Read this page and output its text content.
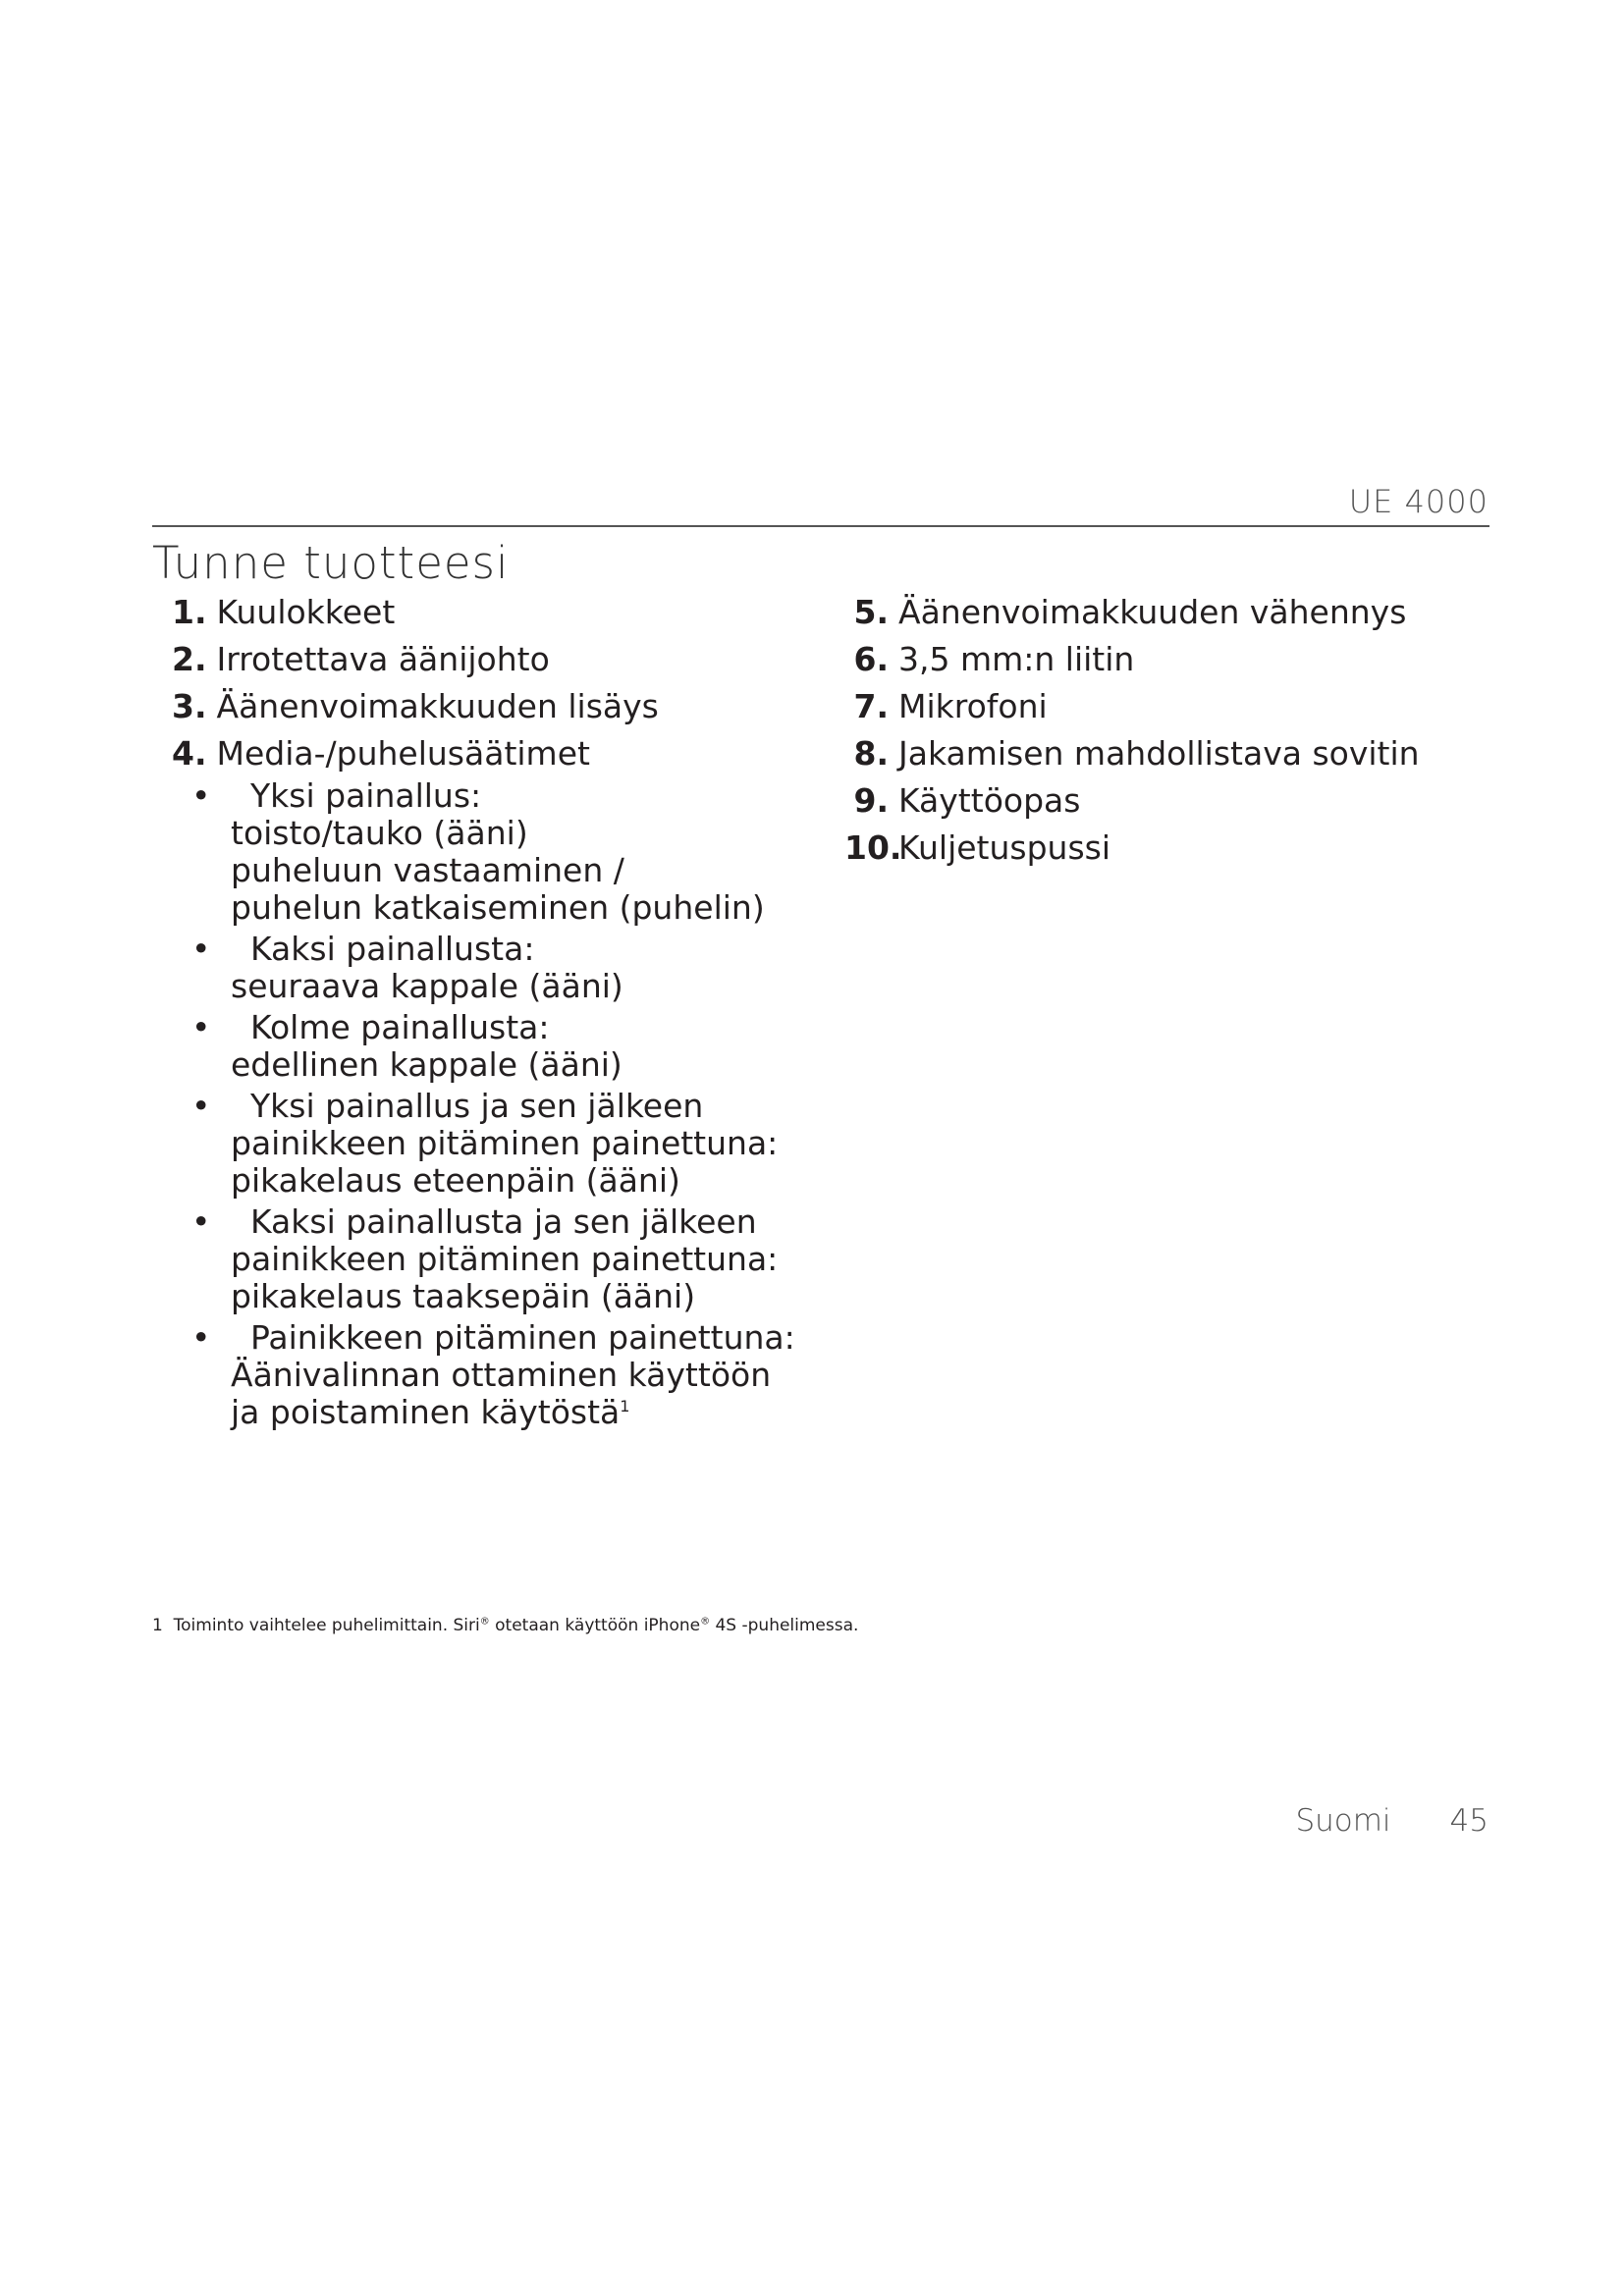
UE 4000
Tunne tuotteesi
1. Kuulokkeet
2. Irrotettava äänijohto
3. Äänenvoimakkuuden lisäys
4. Media-/puhelusäätimet
•	Yksi painallus:
toisto/tauko (ääni)
puheluun vastaaminen /
puhelun katkaiseminen (puhelin)
•	Kaksi painallusta:
seuraava kappale (ääni)
•	Kolme painallusta:
edellinen kappale (ääni)
•	Yksi painallus ja sen jälkeen
painikkeen pitäminen painettuna:
pikakelaus eteenpäin (ääni)
•	Kaksi painallusta ja sen jälkeen
painikkeen pitäminen painettuna:
pikakelaus taaksepäin (ääni)
•	Painikkeen pitäminen painettuna:
Äänivalinnan ottaminen käyttöön
ja poistaminen käytöstä$^1$
5. Äänenvoimakkuuden vähennys
6. 3,5 mm:n liitin
7. Mikrofoni
8. Jakamisen mahdollistava sovitin
9. Käyttöopas
10.
Kuljetuspussi
1 Toiminto vaihtelee puhelimittain. Siri® otetaan käyttöön iPhone® 4S -puhelimessa.
Suomi 45
